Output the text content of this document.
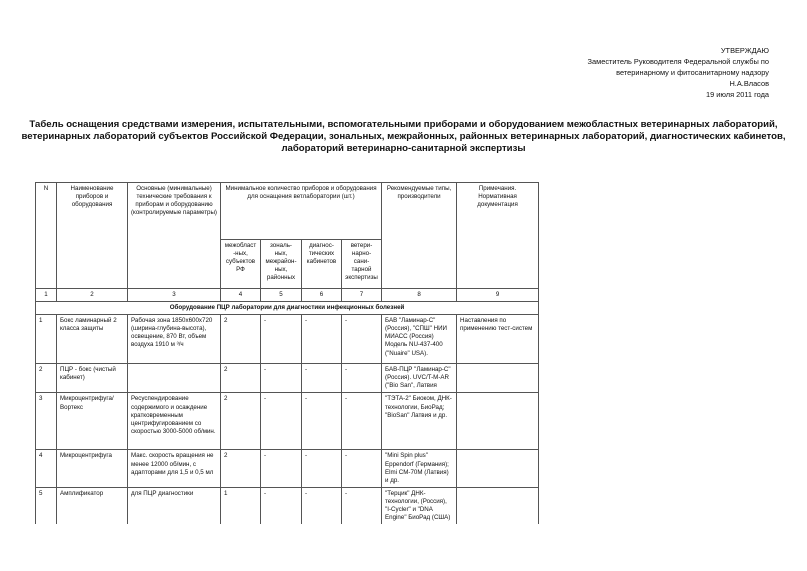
УТВЕРЖДАЮ
Заместитель Руководителя Федеральной службы по
ветеринарному и фитосанитарному надзору
Н.А.Власов
19 июля 2011 года
Табель оснащения средствами измерения, испытательными, вспомогательными приборами и оборудованием межобластных ветеринарных лабораторий,
ветеринарных лабораторий субъектов Российской Федерации, зональных, межрайонных, районных ветеринарных лабораторий, диагностических кабинетов,
лабораторий ветеринарно-санитарной экспертизы
N	Наименование приборов и оборудования	Основные (минимальные) технические требования к приборам и оборудованию (контролируемые параметры)	Минимальное количество приборов и оборудования для оснащения ветлаборатории (шт.)				Рекомендуемые типы, производители	Примечания. Нормативная документация
			межобласт-ных, субъектов РФ	зональ-ных, межрайон-ных, районных	диагнос-тических кабинетов	ветери-нарно-сани-тарной экспертизы		
1	2	3	4	5	6	7	8	9
Оборудование ПЦР лаборатории для диагностики инфекционных болезней								
1	Бокс ламинарный 2 класса защиты	Рабочая зона 1850х600х720 (ширина-глубина-высота), освещение, 870 Вт, объем воздуха 1910 м ³/ч	2	-	-	-	БАВ "Ламинар-С" (Россия), "СПШ" НИИ МИАСС (Россия) Модель NU-437-400 ("Nuaire" USA).	Наставления по применению тест-систем
2	ПЦР - бокс (чистый кабинет)		2	-	-	-	БАВ-ПЦР "Ламинар-С" (Россия). UVC/T-M-AR ("Bio San", Латвия	
3	Микроцентрифуга/ Вортекс	Ресуспендирование содержимого и осаждение кратковременным центрифугированием со скоростью 3000-5000 об/мин.	2	-	-	-	"ТЭТА-2" Биоком, ДНК-технологии, БиоРад; "BioSan" Латвия и др.	
4	Микроцентрифуга	Макс. скорость вращения не менее 12000 об/мин, с адапторами для 1,5 и 0,5 мл	2	-	-	-	"Mini Spin plus" Eppendorf (Германия); Elmi CM-70M (Латвия) и др.	
5	Амплификатор	для ПЦР диагностики	1	-	-	-	"Терцик" ДНК-технологии, (Россия), "I-Cycler" и "DNA Engine" БиоРад (США)	
